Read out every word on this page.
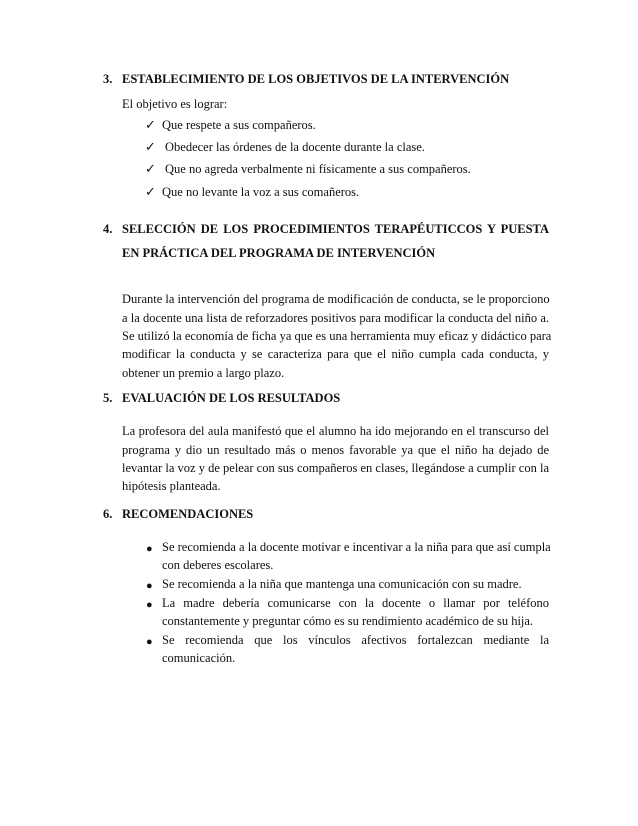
3. ESTABLECIMIENTO DE LOS OBJETIVOS DE LA INTERVENCIÓN
El objetivo es lograr:
✓ Que respete a sus compañeros.
✓ Obedecer las órdenes de la docente durante la clase.
✓ Que no agreda verbalmente ni físicamente a sus compañeros.
✓ Que no levante la voz a sus comañeros.
4. SELECCIÓN DE LOS PROCEDIMIENTOS TERAPÉUTICCOS Y PUESTA
EN PRÁCTICA DEL PROGRAMA DE INTERVENCIÓN
Durante la intervención del programa de modificación de conducta, se le proporciono
a la docente una lista de reforzadores positivos para modificar la conducta del niño a.
Se utilizó la economía de ficha ya que es una herramienta muy eficaz y didáctico para
modificar la conducta y se caracteriza para que el niño cumpla cada conducta, y
obtener un premio a largo plazo.
5. EVALUACIÓN DE LOS RESULTADOS
La profesora del aula manifestó que el alumno ha ido mejorando en el transcurso del
programa y dio un resultado más o menos favorable ya que el niño ha dejado de
levantar la voz y de pelear con sus compañeros en clases, llegándose a cumplir con la
hipótesis planteada.
6. RECOMENDACIONES
● Se recomienda a la docente motivar e incentivar a la niña para que así cumpla
con deberes escolares.
● Se recomienda a la niña que mantenga una comunicación con su madre.
● La madre debería comunicarse con la docente o llamar por teléfono
constantemente y preguntar cómo es su rendimiento académico de su hija.
● Se recomienda que los vínculos afectivos fortalezcan mediante la
comunicación.
